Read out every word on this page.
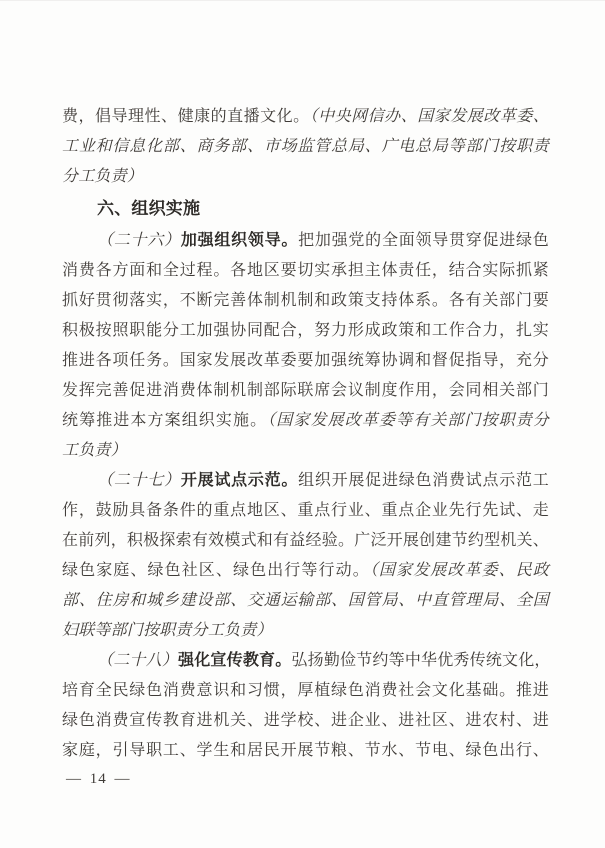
费，倡导理性、健康的直播文化。（中央网信办、国家发展改革委、
工业和信息化部、商务部、市场监管总局、广电总局等部门按职责
分工负责）
六、组织实施
（二十六）加强组织领导。把加强党的全面领导贯穿促进绿色
消费各方面和全过程。各地区要切实承担主体责任，结合实际抓紧
抓好贯彻落实，不断完善体制机制和政策支持体系。各有关部门要
积极按照职能分工加强协同配合，努力形成政策和工作合力，扎实
推进各项任务。国家发展改革委要加强统筹协调和督促指导，充分
发挥完善促进消费体制机制部际联席会议制度作用，会同相关部门
统筹推进本方案组织实施。（国家发展改革委等有关部门按职责分
工负责）
（二十七）开展试点示范。组织开展促进绿色消费试点示范工
作，鼓励具备条件的重点地区、重点行业、重点企业先行先试、走
在前列，积极探索有效模式和有益经验。广泛开展创建节约型机关、
绿色家庭、绿色社区、绿色出行等行动。（国家发展改革委、民政
部、住房和城乡建设部、交通运输部、国管局、中直管理局、全国
妇联等部门按职责分工负责）
（二十八）强化宣传教育。弘扬勤俭节约等中华优秀传统文化，
培育全民绿色消费意识和习惯，厚植绿色消费社会文化基础。推进
绿色消费宣传教育进机关、进学校、进企业、进社区、进农村、进
家庭，引导职工、学生和居民开展节粮、节水、节电、绿色出行、
— 14 —
